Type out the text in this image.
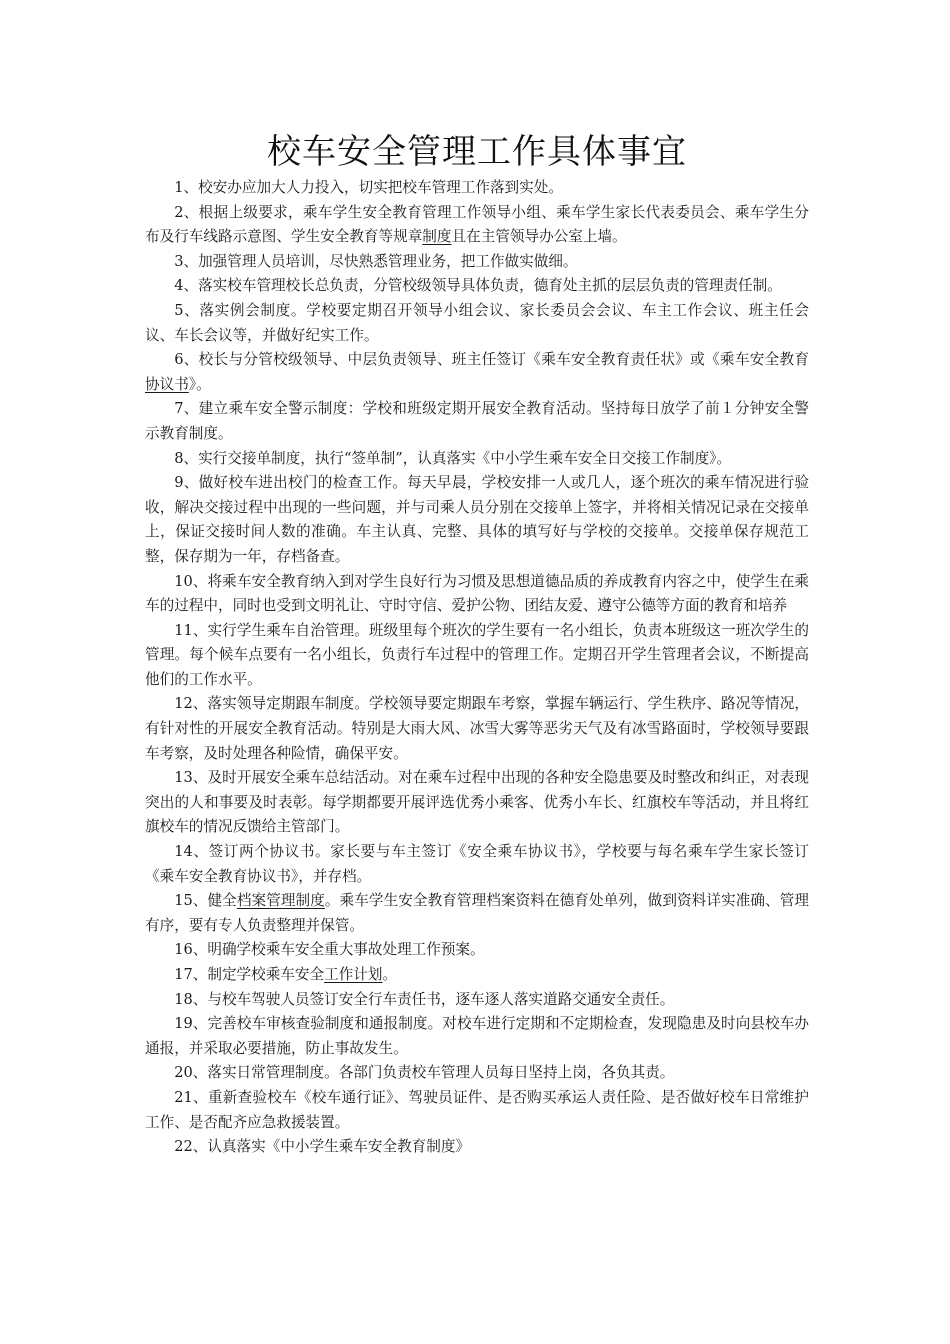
校车安全管理工作具体事宜

1、校安办应加大人力投入，切实把校车管理工作落到实处。

2、根据上级要求，乘车学生安全教育管理工作领导小组、乘车学生家长代表委员会、乘车学生分布及行车线路示意图、学生安全教育等规章制度且在主管领导办公室上墙。

3、加强管理人员培训，尽快熟悉管理业务，把工作做实做细。

4、落实校车管理校长总负责，分管校级领导具体负责，德育处主抓的层层负责的管理责任制。

5、落实例会制度。学校要定期召开领导小组会议、家长委员会会议、车主工作会议、班主任会议、车长会议等，并做好纪实工作。

6、校长与分管校级领导、中层负责领导、班主任签订《乘车安全教育责任状》或《乘车安全教育协议书》。

7、建立乘车安全警示制度：学校和班级定期开展安全教育活动。坚持每日放学了前１分钟安全警示教育制度。

8、实行交接单制度，执行“签单制”，认真落实《中小学生乘车安全日交接工作制度》。

9、做好校车进出校门的检查工作。每天早晨，学校安排一人或几人，逐个班次的乘车情况进行验收，解决交接过程中出现的一些问题，并与司乘人员分别在交接单上签字，并将相关情况记录在交接单上，保证交接时间人数的准确。车主认真、完整、具体的填写好与学校的交接单。交接单保存规范工整，保存期为一年，存档备查。

10、将乘车安全教育纳入到对学生良好行为习惯及思想道德品质的养成教育内容之中，使学生在乘车的过程中，同时也受到文明礼让、守时守信、爱护公物、团结友爱、遵守公德等方面的教育和培养

11、实行学生乘车自治管理。班级里每个班次的学生要有一名小组长，负责本班级这一班次学生的管理。每个候车点要有一名小组长，负责行车过程中的管理工作。定期召开学生管理者会议，不断提高他们的工作水平。

12、落实领导定期跟车制度。学校领导要定期跟车考察，掌握车辆运行、学生秩序、路况等情况，有针对性的开展安全教育活动。特别是大雨大风、冰雪大雾等恶劣天气及有冰雪路面时，学校领导要跟车考察，及时处理各种险情，确保平安。

13、及时开展安全乘车总结活动。对在乘车过程中出现的各种安全隐患要及时整改和纠正，对表现突出的人和事要及时表彰。每学期都要开展评选优秀小乘客、优秀小车长、红旗校车等活动，并且将红旗校车的情况反馈给主管部门。

14、签订两个协议书。家长要与车主签订《安全乘车协议书》，学校要与每名乘车学生家长签订《乘车安全教育协议书》，并存档。

15、健全档案管理制度。乘车学生安全教育管理档案资料在德育处单列，做到资料详实准确、管理有序，要有专人负责整理并保管。

16、明确学校乘车安全重大事故处理工作预案。

17、制定学校乘车安全工作计划。

18、与校车驾驶人员签订安全行车责任书，逐车逐人落实道路交通安全责任。

19、完善校车审核查验制度和通报制度。对校车进行定期和不定期检查，发现隐患及时向县校车办通报，并采取必要措施，防止事故发生。

20、落实日常管理制度。各部门负责校车管理人员每日坚持上岗，各负其责。

21、重新查验校车《校车通行证》、驾驶员证件、是否购买承运人责任险、是否做好校车日常维护工作、是否配齐应急救援装置。

22、认真落实《中小学生乘车安全教育制度》
